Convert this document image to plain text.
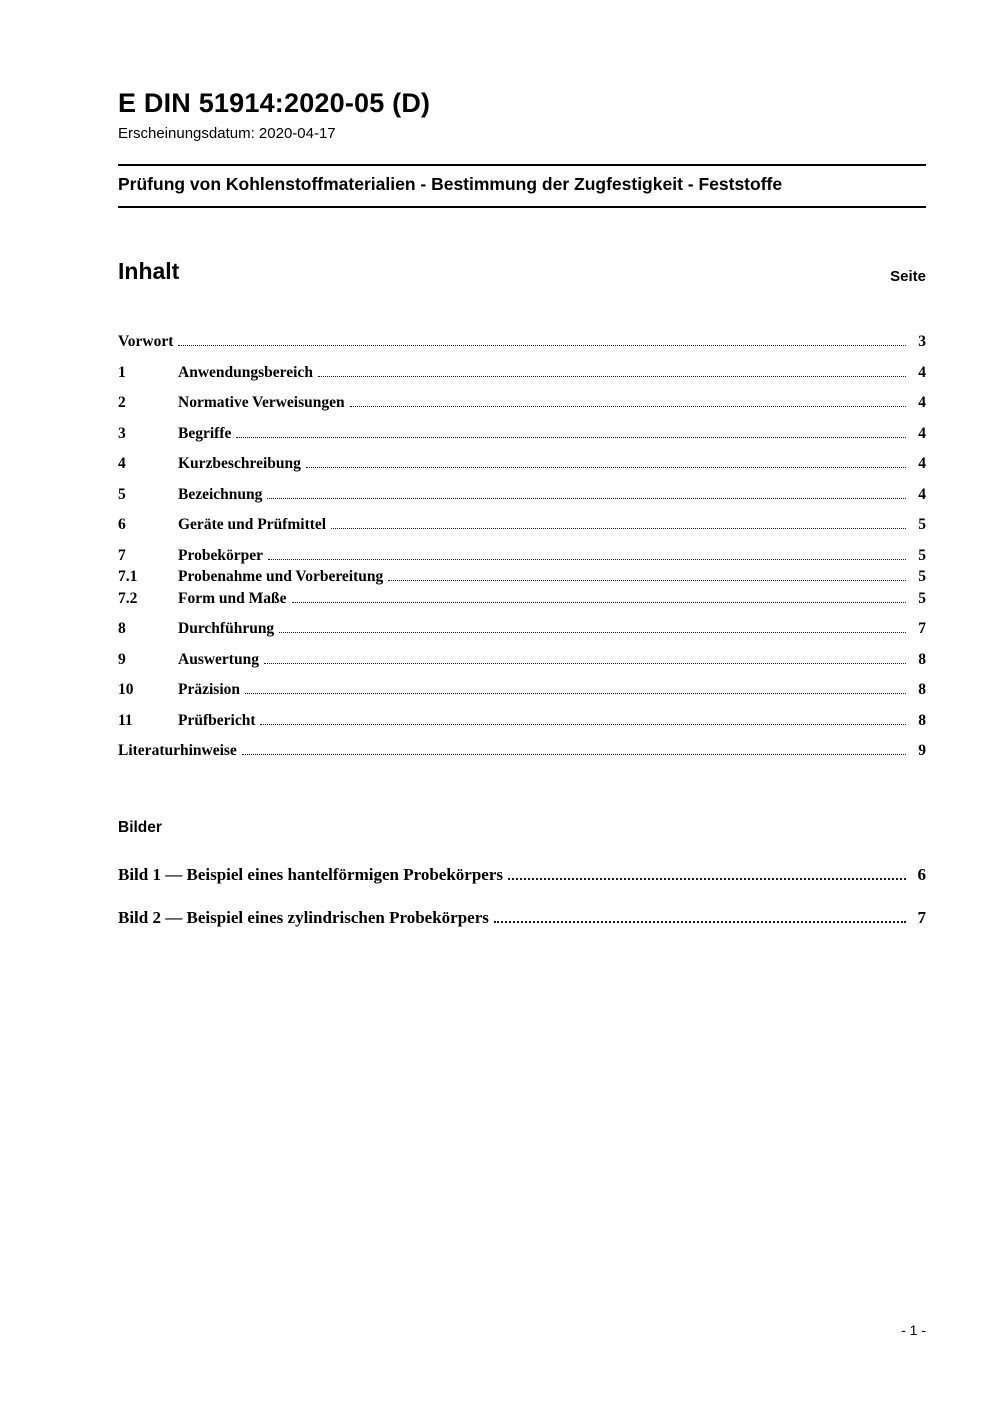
E DIN 51914:2020-05 (D)
Erscheinungsdatum: 2020-04-17
Prüfung von Kohlenstoffmaterialien - Bestimmung der Zugfestigkeit - Feststoffe
Inhalt	Seite
Vorwort	3
1	Anwendungsbereich	4
2	Normative Verweisungen	4
3	Begriffe	4
4	Kurzbeschreibung	4
5	Bezeichnung	4
6	Geräte und Prüfmittel	5
7	Probekörper	5
7.1	Probenahme und Vorbereitung	5
7.2	Form und Maße	5
8	Durchführung	7
9	Auswertung	8
10	Präzision	8
11	Prüfbericht	8
Literaturhinweise	9
Bilder
Bild 1 — Beispiel eines hantelförmigen Probekörpers	6
Bild 2 — Beispiel eines zylindrischen Probekörpers	7
- 1 -
